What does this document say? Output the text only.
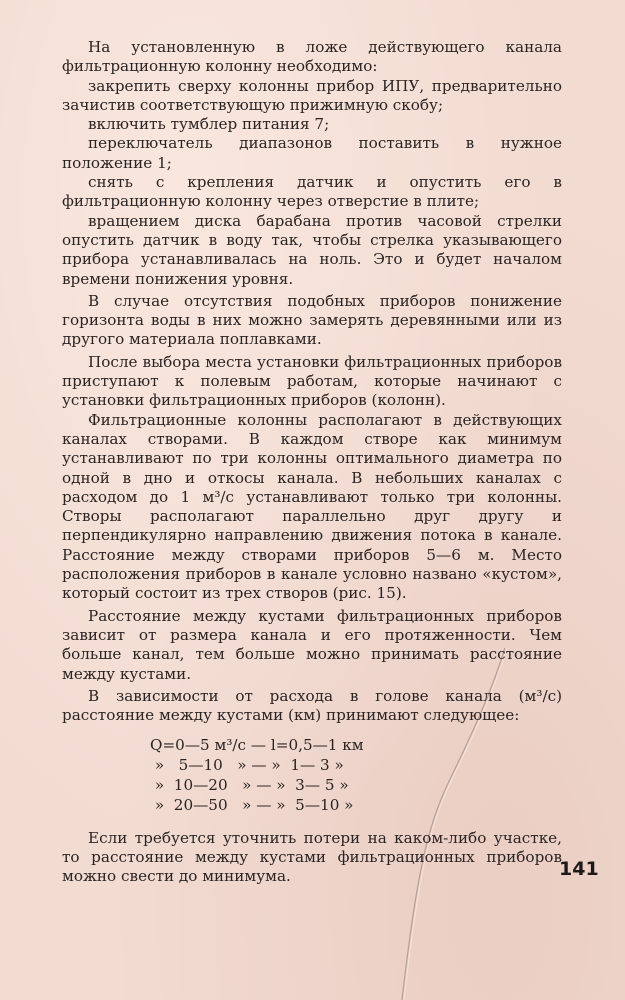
На установленную в ложе действующего канала фильтрационную колонну необходимо:

закрепить сверху колонны прибор ИПУ, предварительно зачистив соответствующую прижимную скобу;

включить тумблер питания 7;

переключатель диапазонов поставить в нужное положение 1;

снять с крепления датчик и опустить его в фильтрационную колонну через отверстие в плите;

вращением диска барабана против часовой стрелки опустить датчик в воду так, чтобы стрелка указывающего прибора устанавливалась на ноль. Это и будет началом времени понижения уровня.

В случае отсутствия подобных приборов понижение горизонта воды в них можно замерять деревянными или из другого материала поплавками.

После выбора места установки фильтрационных приборов приступают к полевым работам, которые начинают с установки фильтрационных приборов (колонн).

Фильтрационные колонны располагают в действующих каналах створами. В каждом створе как минимум устанавливают по три колонны оптимального диаметра по одной в дно и откосы канала. В небольших каналах с расходом до 1 м³/с устанавливают только три колонны. Створы располагают параллельно друг другу и перпендикулярно направлению движения потока в канале. Расстояние между створами приборов 5—6 м. Место расположения приборов в канале условно названо «кустом», который состоит из трех створов (рис. 15).

Расстояние между кустами фильтрационных приборов зависит от размера канала и его протяженности. Чем больше канал, тем больше можно принимать расстояние между кустами.

В зависимости от расхода в голове канала (м³/с) расстояние между кустами (км) принимают следующее:

Q=0—5 м³/с — l=0,5—1 км
»   5—10   » — »  1— 3 »
»  10—20   » — »  3— 5 »
»  20—50   » — »  5—10 »

Если требуется уточнить потери на каком-либо участке, то расстояние между кустами фильтрационных приборов можно свести до минимума.	141
